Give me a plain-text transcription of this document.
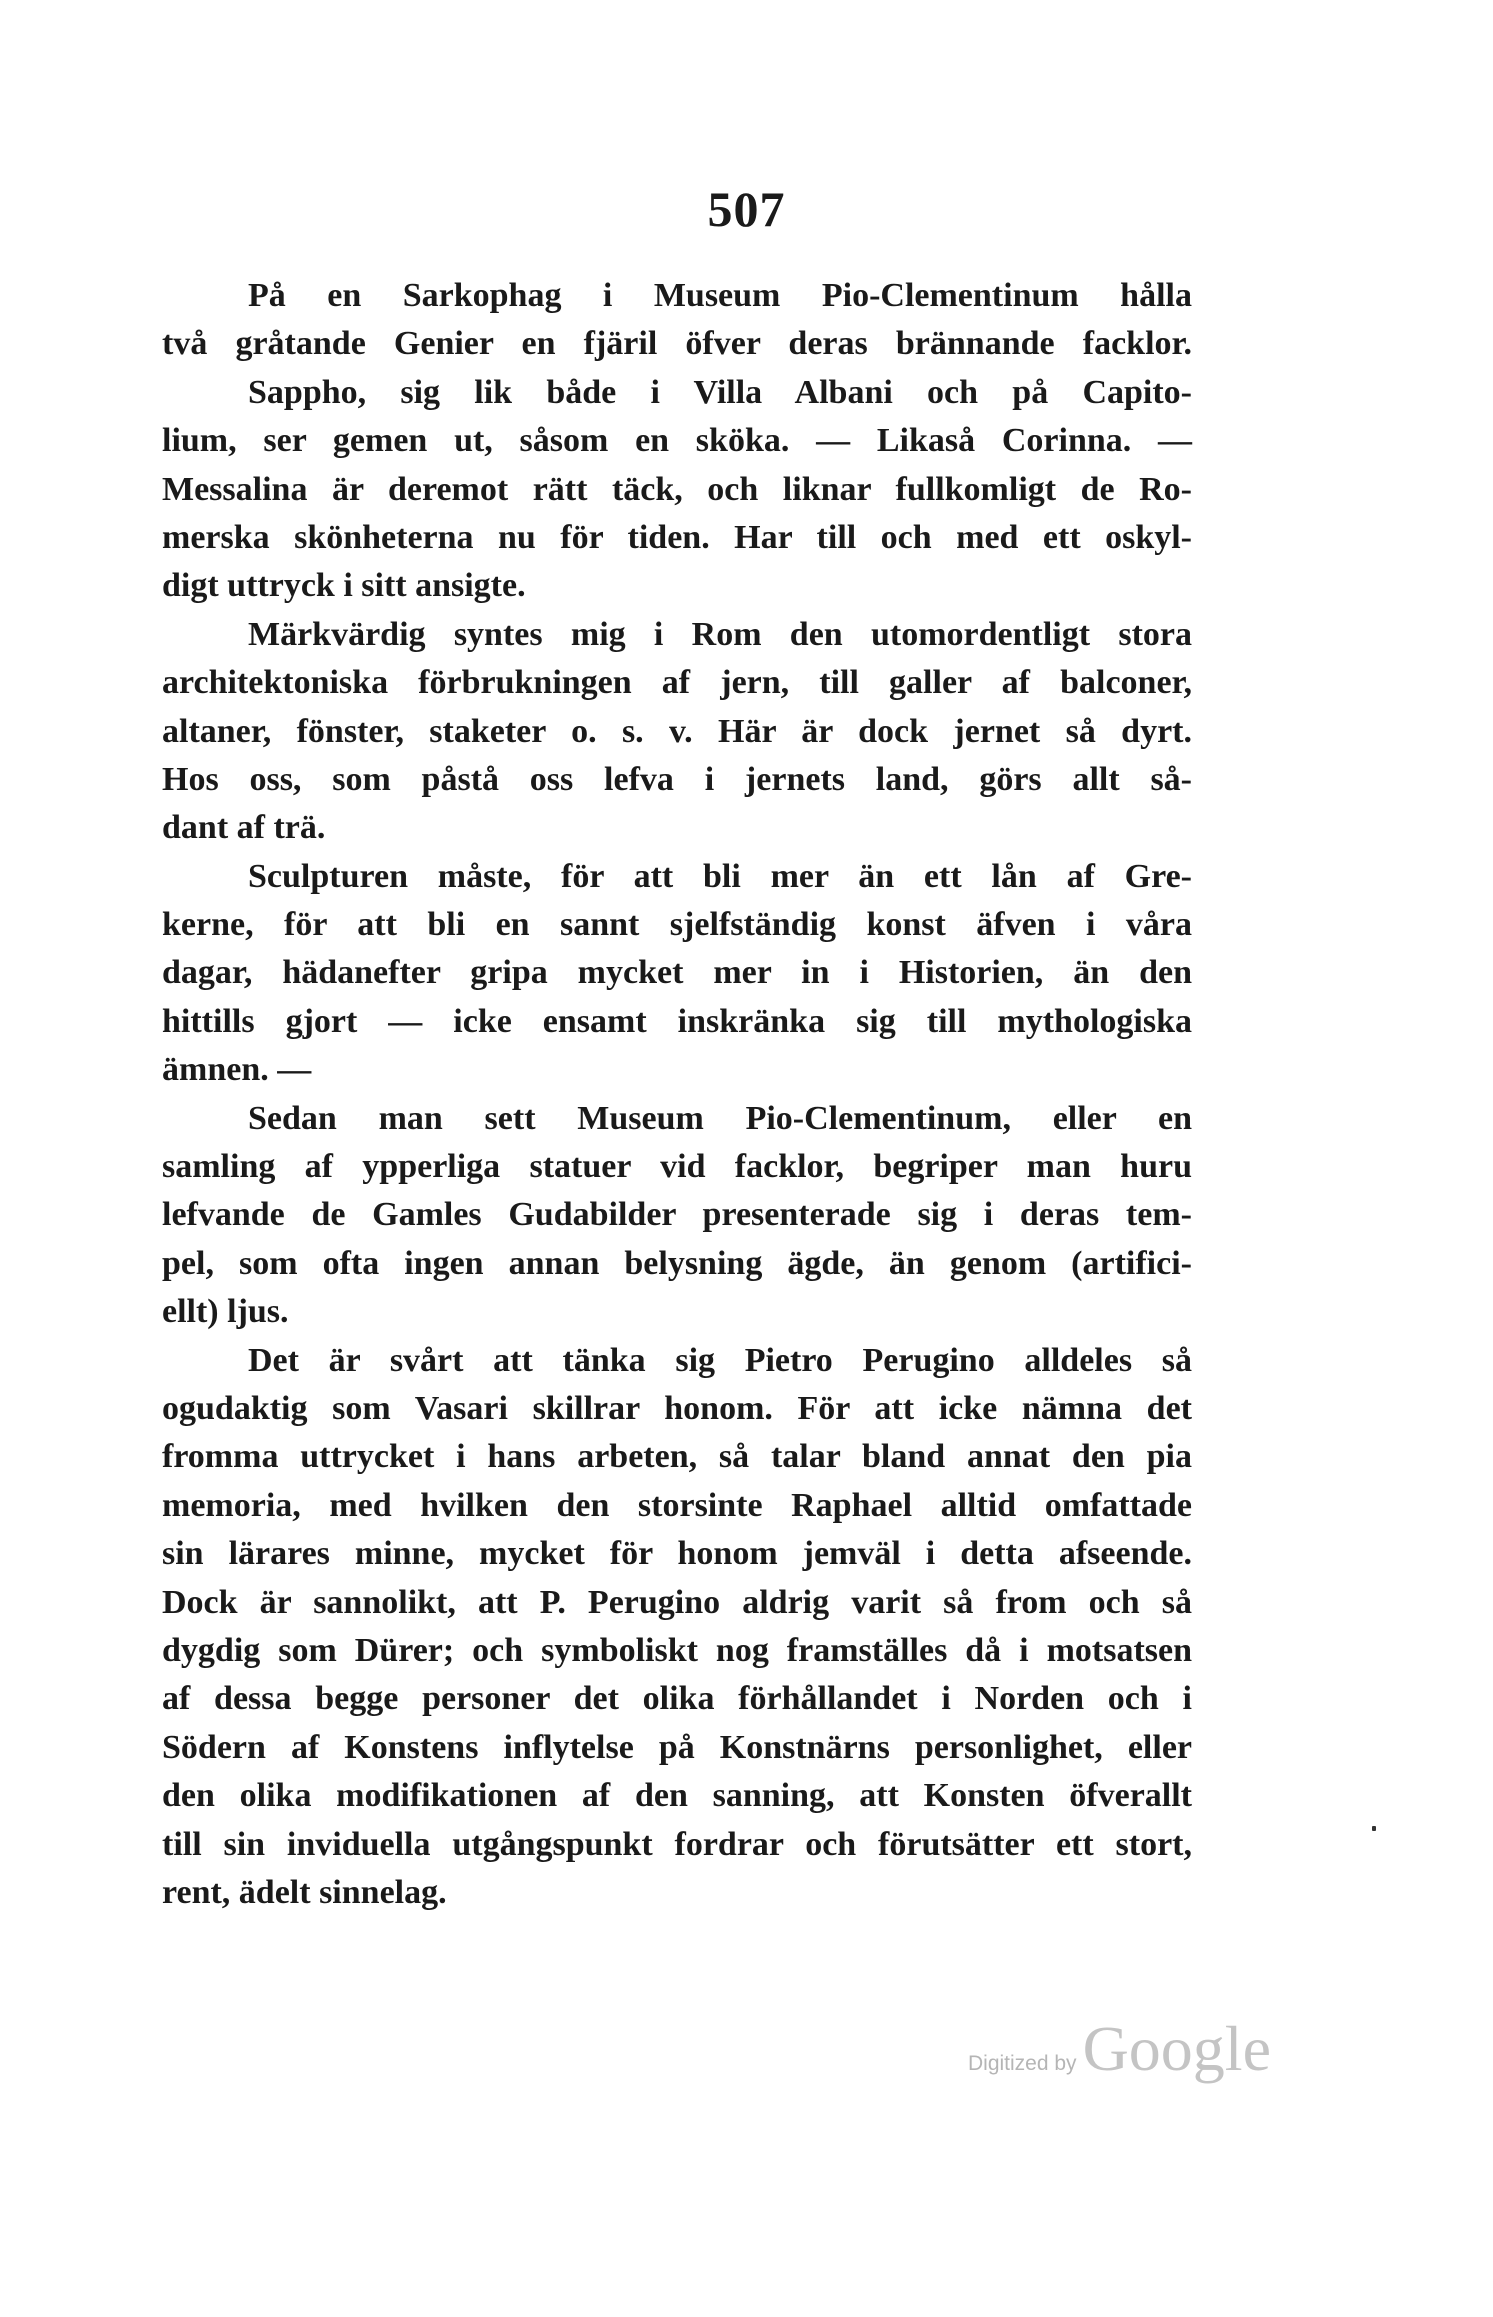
507
På en Sarkophag i Museum Pio-Clementinum hålla
två gråtande Genier en fjäril öfver deras brännande facklor.
Sappho, sig lik både i Villa Albani och på Capito-
lium, ser gemen ut, såsom en sköka. — Likaså Corinna. —
Messalina är deremot rätt täck, och liknar fullkomligt de Ro-
merska skönheterna nu för tiden. Har till och med ett oskyl-
digt uttryck i sitt ansigte.
Märkvärdig syntes mig i Rom den utomordentligt stora
architektoniska förbrukningen af jern, till galler af balconer,
altaner, fönster, staketer o. s. v. Här är dock jernet så dyrt.
Hos oss, som påstå oss lefva i jernets land, görs allt så-
dant af trä.
Sculpturen måste, för att bli mer än ett lån af Gre-
kerne, för att bli en sannt sjelfständig konst äfven i våra
dagar, hädanefter gripa mycket mer in i Historien, än den
hittills gjort — icke ensamt inskränka sig till mythologiska
ämnen. —
Sedan man sett Museum Pio-Clementinum, eller en
samling af ypperliga statuer vid facklor, begriper man huru
lefvande de Gamles Gudabilder presenterade sig i deras tem-
pel, som ofta ingen annan belysning ägde, än genom (artifici-
ellt) ljus.
Det är svårt att tänka sig Pietro Perugino alldeles så
ogudaktig som Vasari skillrar honom. För att icke nämna det
fromma uttrycket i hans arbeten, så talar bland annat den pia
memoria, med hvilken den storsinte Raphael alltid omfattade
sin lärares minne, mycket för honom jemväl i detta afseende.
Dock är sannolikt, att P. Perugino aldrig varit så from och så
dygdig som Dürer; och symboliskt nog framställes då i motsatsen
af dessa begge personer det olika förhållandet i Norden och i
Södern af Konstens inflytelse på Konstnärns personlighet, eller
den olika modifikationen af den sanning, att Konsten öfverallt
till sin inviduella utgångspunkt fordrar och förutsätter ett stort,
rent, ädelt sinnelag.
Digitized by Google
